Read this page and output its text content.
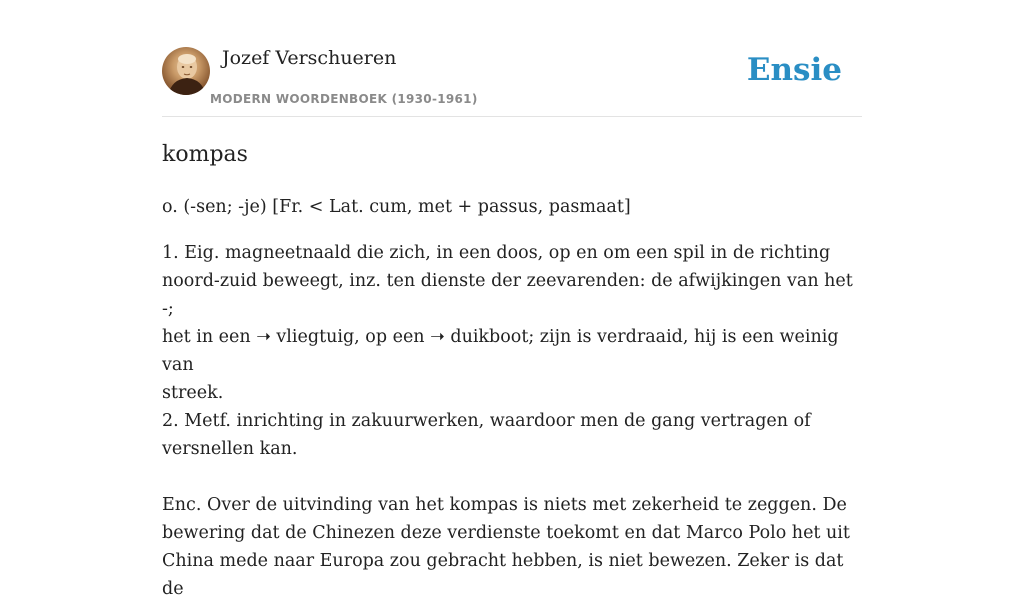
Jozef Verschueren
MODERN WOORDENBOEK (1930-1961)
Ensie
kompas
o. (-sen; -je) [Fr. < Lat. cum, met + passus, pasmaat]

1. Eig. magneetnaald die zich, in een doos, op en om een spil in de richting

noord-zuid beweegt, inz. ten dienste der zeevarenden: de afwijkingen van het -;

het in een ➝ vliegtuig, op een ➝ duikboot; zijn is verdraaid, hij is een weinig van

streek.

2. Metf. inrichting in zakuurwerken, waardoor men de gang vertragen of

versnellen kan.

Enc. Over de uitvinding van het kompas is niets met zekerheid te zeggen. De

bewering dat de Chinezen deze verdienste toekomt en dat Marco Polo het uit

China mede naar Europa zou gebracht hebben, is niet bewezen. Zeker is dat de
